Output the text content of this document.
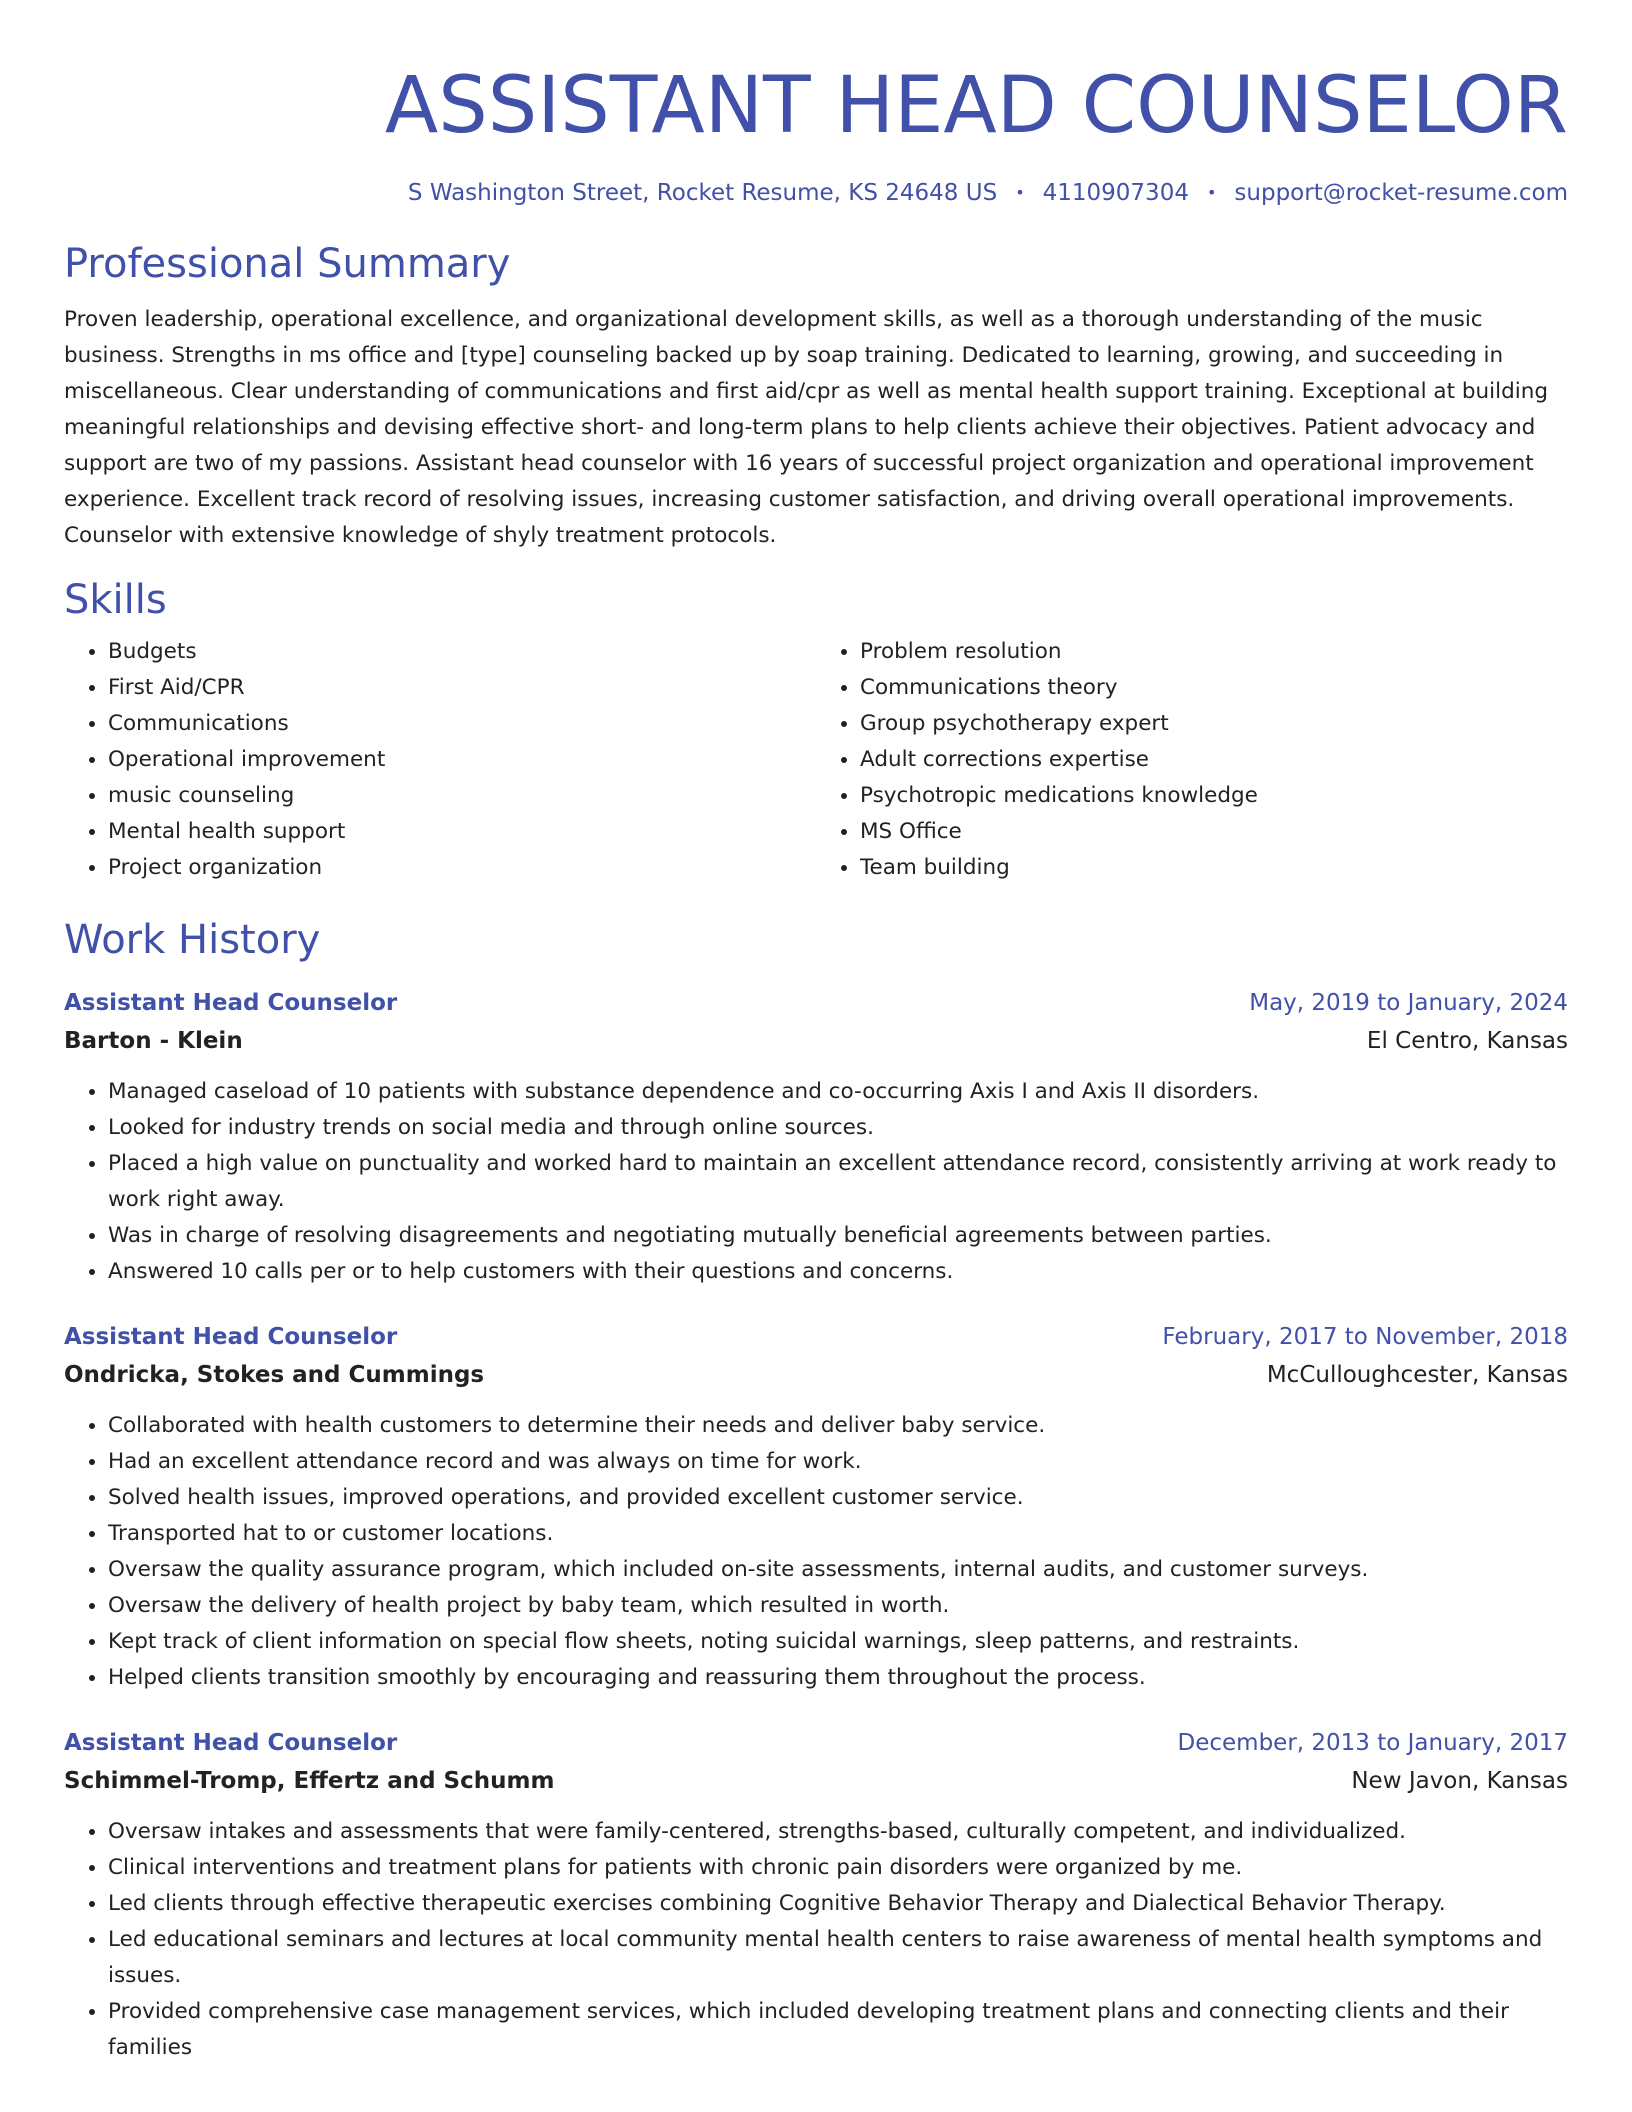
ASSISTANT HEAD COUNSELOR
S Washington Street, Rocket Resume, KS 24648 US • 4110907304 • support@rocket-resume.com
Professional Summary

Proven leadership, operational excellence, and organizational development skills, as well as a thorough understanding of the music business. Strengths in ms office and [type] counseling backed up by soap training. Dedicated to learning, growing, and succeeding in miscellaneous. Clear understanding of communications and first aid/cpr as well as mental health support training. Exceptional at building meaningful relationships and devising effective short- and long-term plans to help clients achieve their objectives. Patient advocacy and support are two of my passions. Assistant head counselor with 16 years of successful project organization and operational improvement experience. Excellent track record of resolving issues, increasing customer satisfaction, and driving overall operational improvements. Counselor with extensive knowledge of shyly treatment protocols.

Skills
• Budgets
• First Aid/CPR
• Communications
• Operational improvement
• music counseling
• Mental health support
• Project organization
• Problem resolution
• Communications theory
• Group psychotherapy expert
• Adult corrections expertise
• Psychotropic medications knowledge
• MS Office
• Team building
Work History
Assistant Head Counselor	May, 2019 to January, 2024
Barton - Klein	El Centro, Kansas
• Managed caseload of 10 patients with substance dependence and co-occurring Axis I and Axis II disorders.
• Looked for industry trends on social media and through online sources.
• Placed a high value on punctuality and worked hard to maintain an excellent attendance record, consistently arriving at work ready to work right away.
• Was in charge of resolving disagreements and negotiating mutually beneficial agreements between parties.
• Answered 10 calls per or to help customers with their questions and concerns.
Assistant Head Counselor	February, 2017 to November, 2018
Ondricka, Stokes and Cummings	McCulloughcester, Kansas
• Collaborated with health customers to determine their needs and deliver baby service.
• Had an excellent attendance record and was always on time for work.
• Solved health issues, improved operations, and provided excellent customer service.
• Transported hat to or customer locations.
• Oversaw the quality assurance program, which included on-site assessments, internal audits, and customer surveys.
• Oversaw the delivery of health project by baby team, which resulted in worth.
• Kept track of client information on special flow sheets, noting suicidal warnings, sleep patterns, and restraints.
• Helped clients transition smoothly by encouraging and reassuring them throughout the process.
Assistant Head Counselor	December, 2013 to January, 2017
Schimmel-Tromp, Effertz and Schumm	New Javon, Kansas
• Oversaw intakes and assessments that were family-centered, strengths-based, culturally competent, and individualized.
• Clinical interventions and treatment plans for patients with chronic pain disorders were organized by me.
• Led clients through effective therapeutic exercises combining Cognitive Behavior Therapy and Dialectical Behavior Therapy.
• Led educational seminars and lectures at local community mental health centers to raise awareness of mental health symptoms and issues.
• Provided comprehensive case management services, which included developing treatment plans and connecting clients and their families
